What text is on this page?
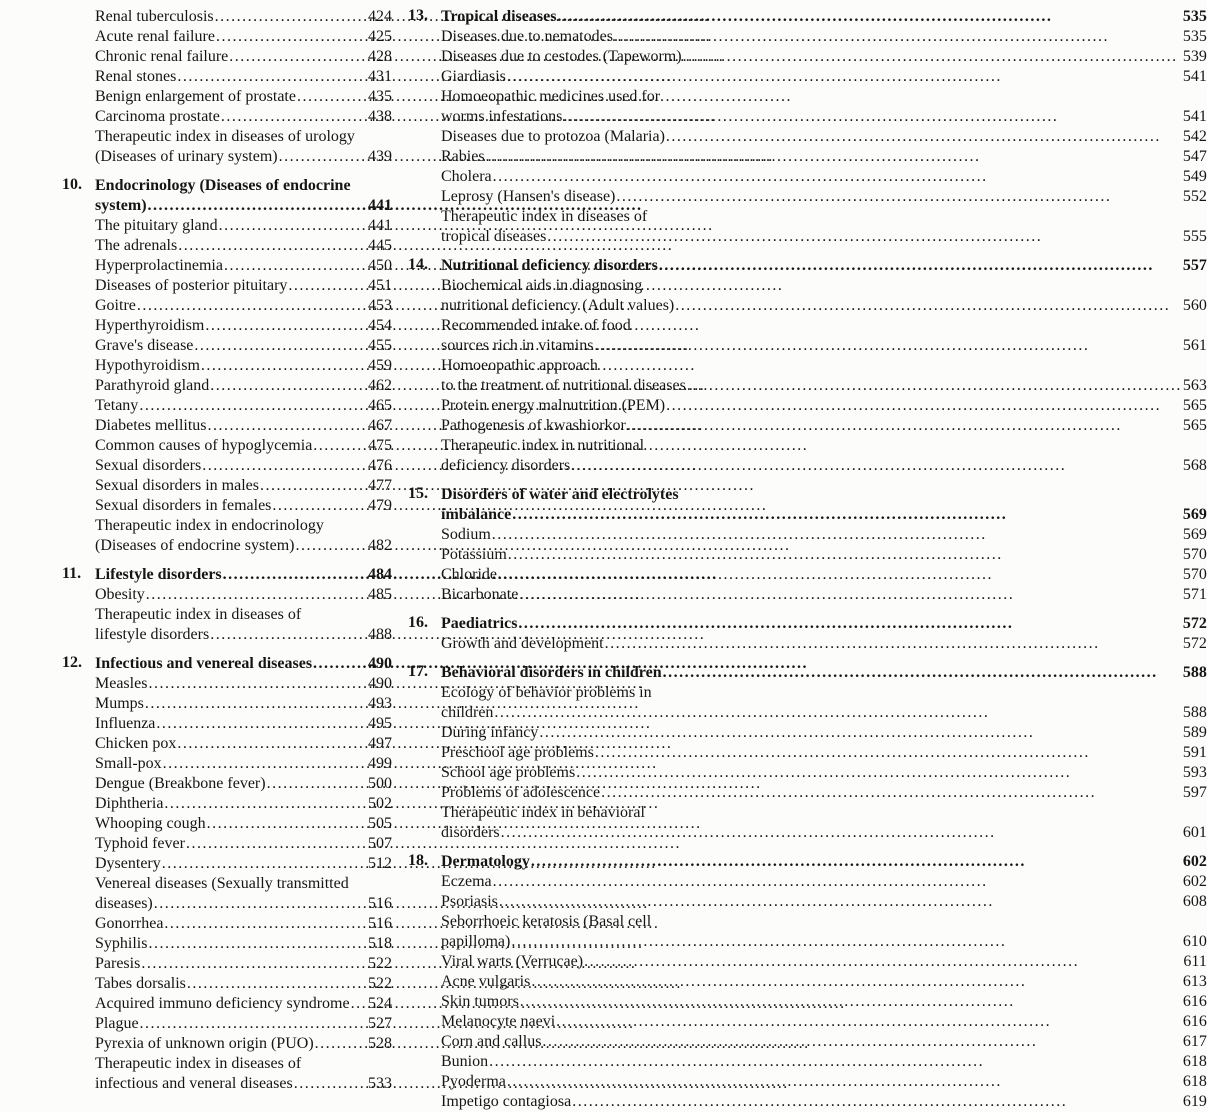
Renal tuberculosis .....	424
Acute renal failure .....	425
Chronic renal failure .....	428
Renal stones .....	431
Benign enlargement of prostate .....	435
Carcinoma prostate .....	438
Therapeutic index in diseases of urology
(Diseases of urinary system) .....	439
10. Endocrinology (Diseases of endocrine
system) .....	441
The pituitary gland .....	441
The adrenals .....	445
Hyperprolactinemia .....	450
Diseases of posterior pituitary .....	451
Goitre .....	453
Hyperthyroidism .....	454
Grave's disease .....	455
Hypothyroidism .....	459
Parathyroid gland .....	462
Tetany .....	465
Diabetes mellitus .....	467
Common causes of hypoglycemia .....	475
Sexual disorders .....	476
Sexual disorders in males .....	477
Sexual disorders in females .....	479
Therapeutic index in endocrinology
(Diseases of endocrine system) .....	482
11. Lifestyle disorders .....	484
Obesity .....	485
Therapeutic index in diseases of
lifestyle disorders .....	488
12. Infectious and venereal diseases .....	490
Measles .....	490
Mumps .....	493
Influenza .....	495
Chicken pox .....	497
Small-pox .....	499
Dengue (Breakbone fever) .....	500
Diphtheria .....	502
Whooping cough .....	505
Typhoid fever .....	507
Dysentery .....	512
Venereal diseases (Sexually transmitted
diseases) .....	516
Gonorrhea .....	516
Syphilis .....	518
Paresis .....	522
Tabes dorsalis .....	522
Acquired immuno deficiency syndrome ..... 524
Plague .....	527
Pyrexia of unknown origin (PUO) .....	528
Therapeutic index in diseases of
infectious and veneral diseases .....	533
13. Tropical diseases .....	535
Diseases due to nematodes .....	535
Diseases due to cestodes (Tapeworm) .....	539
Giardiasis .....	541
Homoeopathic medicines used for
worms infestations .....	541
Diseases due to protozoa (Malaria) .....	542
Rabies .....	547
Cholera .....	549
Leprosy (Hansen's disease) .....	552
Therapeutic index in diseases of
tropical diseases .....	555
14. Nutritional deficiency disorders .....	557
Biochemical aids in diagnosing
nutritional deficiency (Adult values) .....	560
Recommended intake of food
sources rich in vitamins .....	561
Homoeopathic approach
to the treatment of nutritional diseases .....	563
Protein energy malnutrition (PEM) .....	565
Pathogenesis of kwashiorkor .....	565
Therapeutic index in nutritional
deficiency disorders .....	568
15. Disorders of water and electrolytes
imbalance .....	569
Sodium .....	569
Potassium .....	570
Chloride .....	570
Bicarbonate .....	571
16. Paediatrics .....	572
Growth and development .....	572
17. Behavioral disorders in children .....	588
Ecology of behavior problems in
children .....	588
During infancy .....	589
Preschool age problems .....	591
School age problems .....	593
Problems of adolescence .....	597
Therapeutic index in behavioral
disorders .....	601
18. Dermatology .....	602
Eczema .....	602
Psoriasis .....	608
Seborrhoeic keratosis (Basal cell
papilloma) .....	610
Viral warts (Verrucae) .....	611
Acne vulgaris .....	613
Skin tumors .....	616
Melanocyte naevi .....	616
Corn and callus .....	617
Bunion .....	618
Pyoderma .....	618
Impetigo contagiosa .....	619
